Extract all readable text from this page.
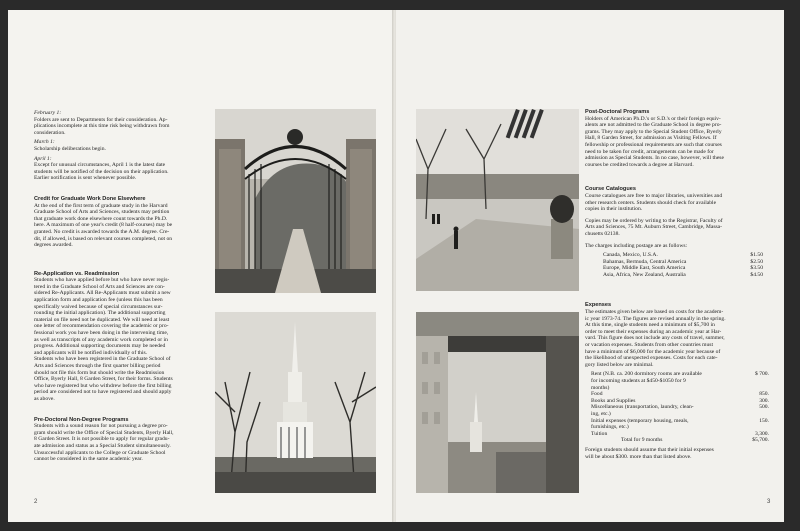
February 1:

Folders are sent to Departments for their consideration. Ap-
plications incomplete at this time risk being withdrawn from
consideration.

March 1:

Scholarship deliberations begin.

April 1:

Except for unusual circumstances, April 1 is the latest date
students will be notified of the decision on their application.
Earlier notification is sent whenever possible.

Credit for Graduate Work Done Elsewhere

At the end of the first term of graduate study in the Harvard
Graduate School of Arts and Sciences, students may petition
that graduate work done elsewhere count towards the Ph.D.
here. A maximum of one year's credit (8 half-courses) may be
granted. No credit is awarded towards the A.M. degree. Cre-
dit, if allowed, is based on relevant courses completed, not on
degrees awarded.

Re-Application vs. Readmission

Students who have applied before but who have never regis-
tered in the Graduate School of Arts and Sciences are con-
sidered Re-Applicants. All Re-Applicants must submit a new
application form and application fee (unless this has been
specifically waived because of special circumstances sur-
rounding the initial application). The additional supporting
material on file need not be duplicated. We will need at least
one letter of recommendation covering the academic or pro-
fessional work you have been doing in the intervening time,
as well as transcripts of any academic work completed or in
progress. Additional supporting documents may be needed
and applicants will be notified individually of this.
Students who have been registered in the Graduate School of
Arts and Sciences through the first quarter billing period
should not file this form but should write the Readmission
Office, Byerly Hall, 8 Garden Street, for their forms. Students
who have registered but who withdrew before the first billing
period are considered not to have registered and should apply
as above.

Pre-Doctoral Non-Degree Programs

Students with a sound reason for not pursuing a degree pro-
gram should write the Office of Special Students, Byerly Hall,
8 Garden Street. It is not possible to apply for regular gradu-
ate admission and status as a Special Student simultaneously.
Unsuccessful applicants to the College or Graduate School
cannot be considered in the same academic year.

2

Post-Doctoral Programs

Holders of American Ph.D.'s or S.D.'s or their foreign equiv-
alents are not admitted to the Graduate School in degree pro-
grams. They may apply to the Special Student Office, Byerly
Hall, 8 Garden Street, for admission as Visiting Fellows. If
fellowship or professional requirements are such that courses
need to be taken for credit, arrangements can be made for
admission as Special Students. In no case, however, will these
courses be credited towards a degree at Harvard.

Course Catalogues

Course catalogues are free to major libraries, universities and
other research centers. Students should check for available
copies in their institution.

Copies may be ordered by writing to the Registrar, Faculty of
Arts and Sciences, 75 Mt. Auburn Street, Cambridge, Massa-
chusetts 02138.

The charges including postage are as follows:

Canada, Mexico, U.S.A.	$1.50
Bahamas, Bermuda, Central America	$2.50
Europe, Middle East, South America	$3.50
Asia, Africa, New Zealand, Australia	$4.50

Expenses

The estimates given below are based on costs for the academ-
ic year 1973-74. The figures are revised annually in the spring.
At this time, single students need a minimum of $5,700 in
order to meet their expenses during an academic year at Har-
vard. This figure does not include any costs of travel, summer,
or vacation expenses. Students from other countries must
have a minimum of $6,000 for the academic year because of
the likelihood of unexpected expenses. Costs for each cate-
gory listed below are minimal.

Rent (N.B. ca. 200 dormitory rooms are available
for incoming students at $450-$1050 for 9
months)
$ 700.
Food	850.
Books and Supplies	300.
Miscellaneous (transportation, laundry, clean-
ing, etc.)
500.
Initial expenses (temporary housing, meals,
furnishings, etc.)
150.
Tuition	3,300.
Total for 9 months	$5,700.

Foreign students should assume that their initial expenses
will be about $300. more than that listed above.

3
